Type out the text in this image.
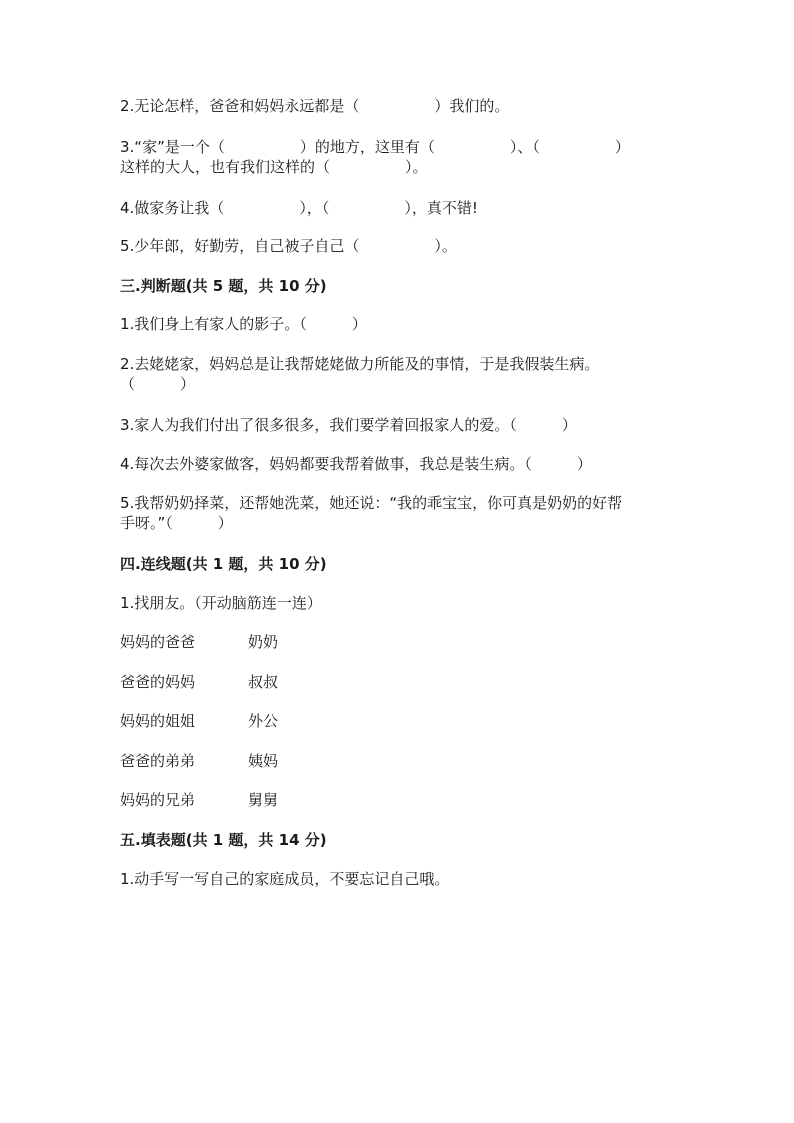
2.无论怎样，爸爸和妈妈永远都是（　　　　　）我们的。

3.“家”是一个（　　　　　）的地方，这里有（　　　　　）、（　　　　　）

这样的大人，也有我们这样的（　　　　　）。

4.做家务让我（　　　　　），（　　　　　），真不错!

5.少年郎，好勤劳，自己被子自己（　　　　　）。

三.判断题(共 5 题，共 10 分)

1.我们身上有家人的影子。（　　　）

2.去姥姥家，妈妈总是让我帮姥姥做力所能及的事情，于是我假装生病。

（　　　）

3.家人为我们付出了很多很多，我们要学着回报家人的爱。（　　　）

4.每次去外婆家做客，妈妈都要我帮着做事，我总是装生病。（　　　）

5.我帮奶奶择菜，还帮她洗菜，她还说：“我的乖宝宝，你可真是奶奶的好帮

手呀。”（　　　）

四.连线题(共 1 题，共 10 分)

1.找朋友。（开动脑筋连一连）

妈妈的爸爸	奶奶

爸爸的妈妈	叔叔

妈妈的姐姐	外公

爸爸的弟弟	姨妈

妈妈的兄弟	舅舅

五.填表题(共 1 题，共 14 分)

1.动手写一写自己的家庭成员，不要忘记自己哦。
